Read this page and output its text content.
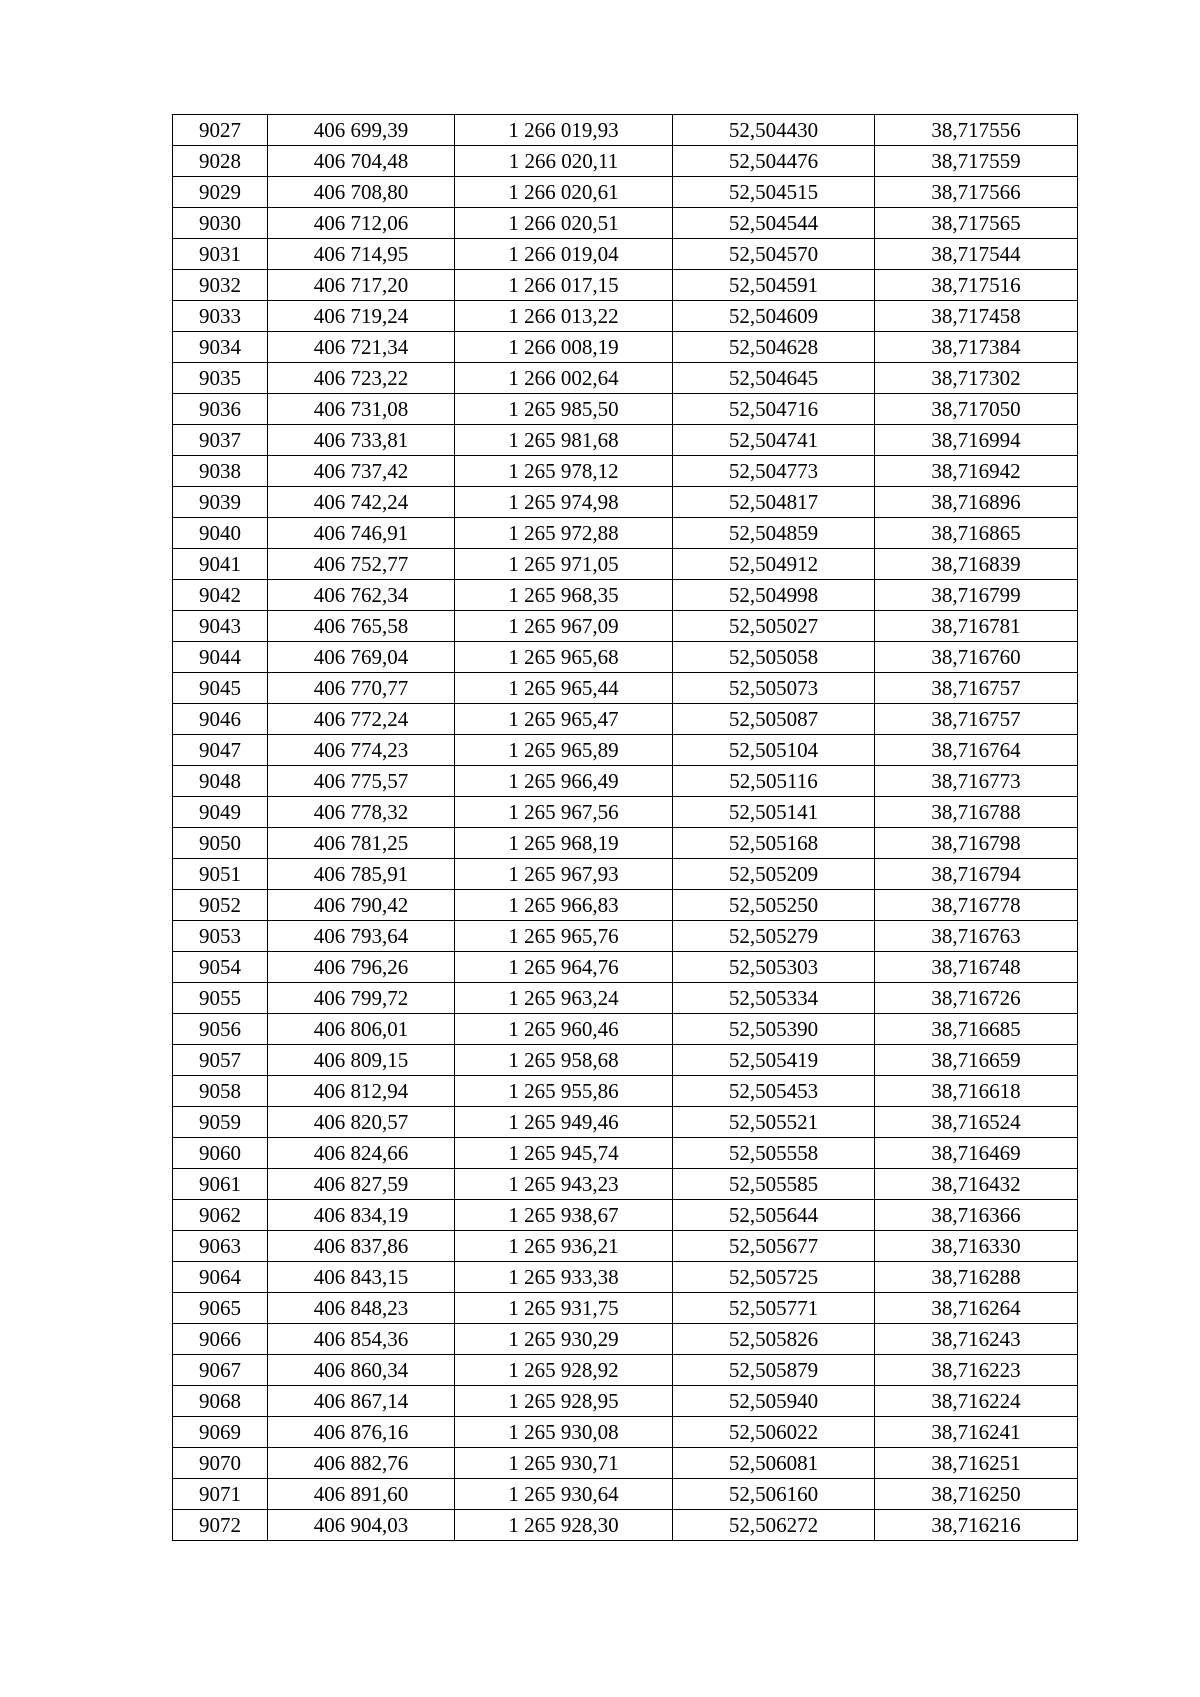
9027	406 699,39	1 266 019,93	52,504430	38,717556
9028	406 704,48	1 266 020,11	52,504476	38,717559
9029	406 708,80	1 266 020,61	52,504515	38,717566
9030	406 712,06	1 266 020,51	52,504544	38,717565
9031	406 714,95	1 266 019,04	52,504570	38,717544
9032	406 717,20	1 266 017,15	52,504591	38,717516
9033	406 719,24	1 266 013,22	52,504609	38,717458
9034	406 721,34	1 266 008,19	52,504628	38,717384
9035	406 723,22	1 266 002,64	52,504645	38,717302
9036	406 731,08	1 265 985,50	52,504716	38,717050
9037	406 733,81	1 265 981,68	52,504741	38,716994
9038	406 737,42	1 265 978,12	52,504773	38,716942
9039	406 742,24	1 265 974,98	52,504817	38,716896
9040	406 746,91	1 265 972,88	52,504859	38,716865
9041	406 752,77	1 265 971,05	52,504912	38,716839
9042	406 762,34	1 265 968,35	52,504998	38,716799
9043	406 765,58	1 265 967,09	52,505027	38,716781
9044	406 769,04	1 265 965,68	52,505058	38,716760
9045	406 770,77	1 265 965,44	52,505073	38,716757
9046	406 772,24	1 265 965,47	52,505087	38,716757
9047	406 774,23	1 265 965,89	52,505104	38,716764
9048	406 775,57	1 265 966,49	52,505116	38,716773
9049	406 778,32	1 265 967,56	52,505141	38,716788
9050	406 781,25	1 265 968,19	52,505168	38,716798
9051	406 785,91	1 265 967,93	52,505209	38,716794
9052	406 790,42	1 265 966,83	52,505250	38,716778
9053	406 793,64	1 265 965,76	52,505279	38,716763
9054	406 796,26	1 265 964,76	52,505303	38,716748
9055	406 799,72	1 265 963,24	52,505334	38,716726
9056	406 806,01	1 265 960,46	52,505390	38,716685
9057	406 809,15	1 265 958,68	52,505419	38,716659
9058	406 812,94	1 265 955,86	52,505453	38,716618
9059	406 820,57	1 265 949,46	52,505521	38,716524
9060	406 824,66	1 265 945,74	52,505558	38,716469
9061	406 827,59	1 265 943,23	52,505585	38,716432
9062	406 834,19	1 265 938,67	52,505644	38,716366
9063	406 837,86	1 265 936,21	52,505677	38,716330
9064	406 843,15	1 265 933,38	52,505725	38,716288
9065	406 848,23	1 265 931,75	52,505771	38,716264
9066	406 854,36	1 265 930,29	52,505826	38,716243
9067	406 860,34	1 265 928,92	52,505879	38,716223
9068	406 867,14	1 265 928,95	52,505940	38,716224
9069	406 876,16	1 265 930,08	52,506022	38,716241
9070	406 882,76	1 265 930,71	52,506081	38,716251
9071	406 891,60	1 265 930,64	52,506160	38,716250
9072	406 904,03	1 265 928,30	52,506272	38,716216
